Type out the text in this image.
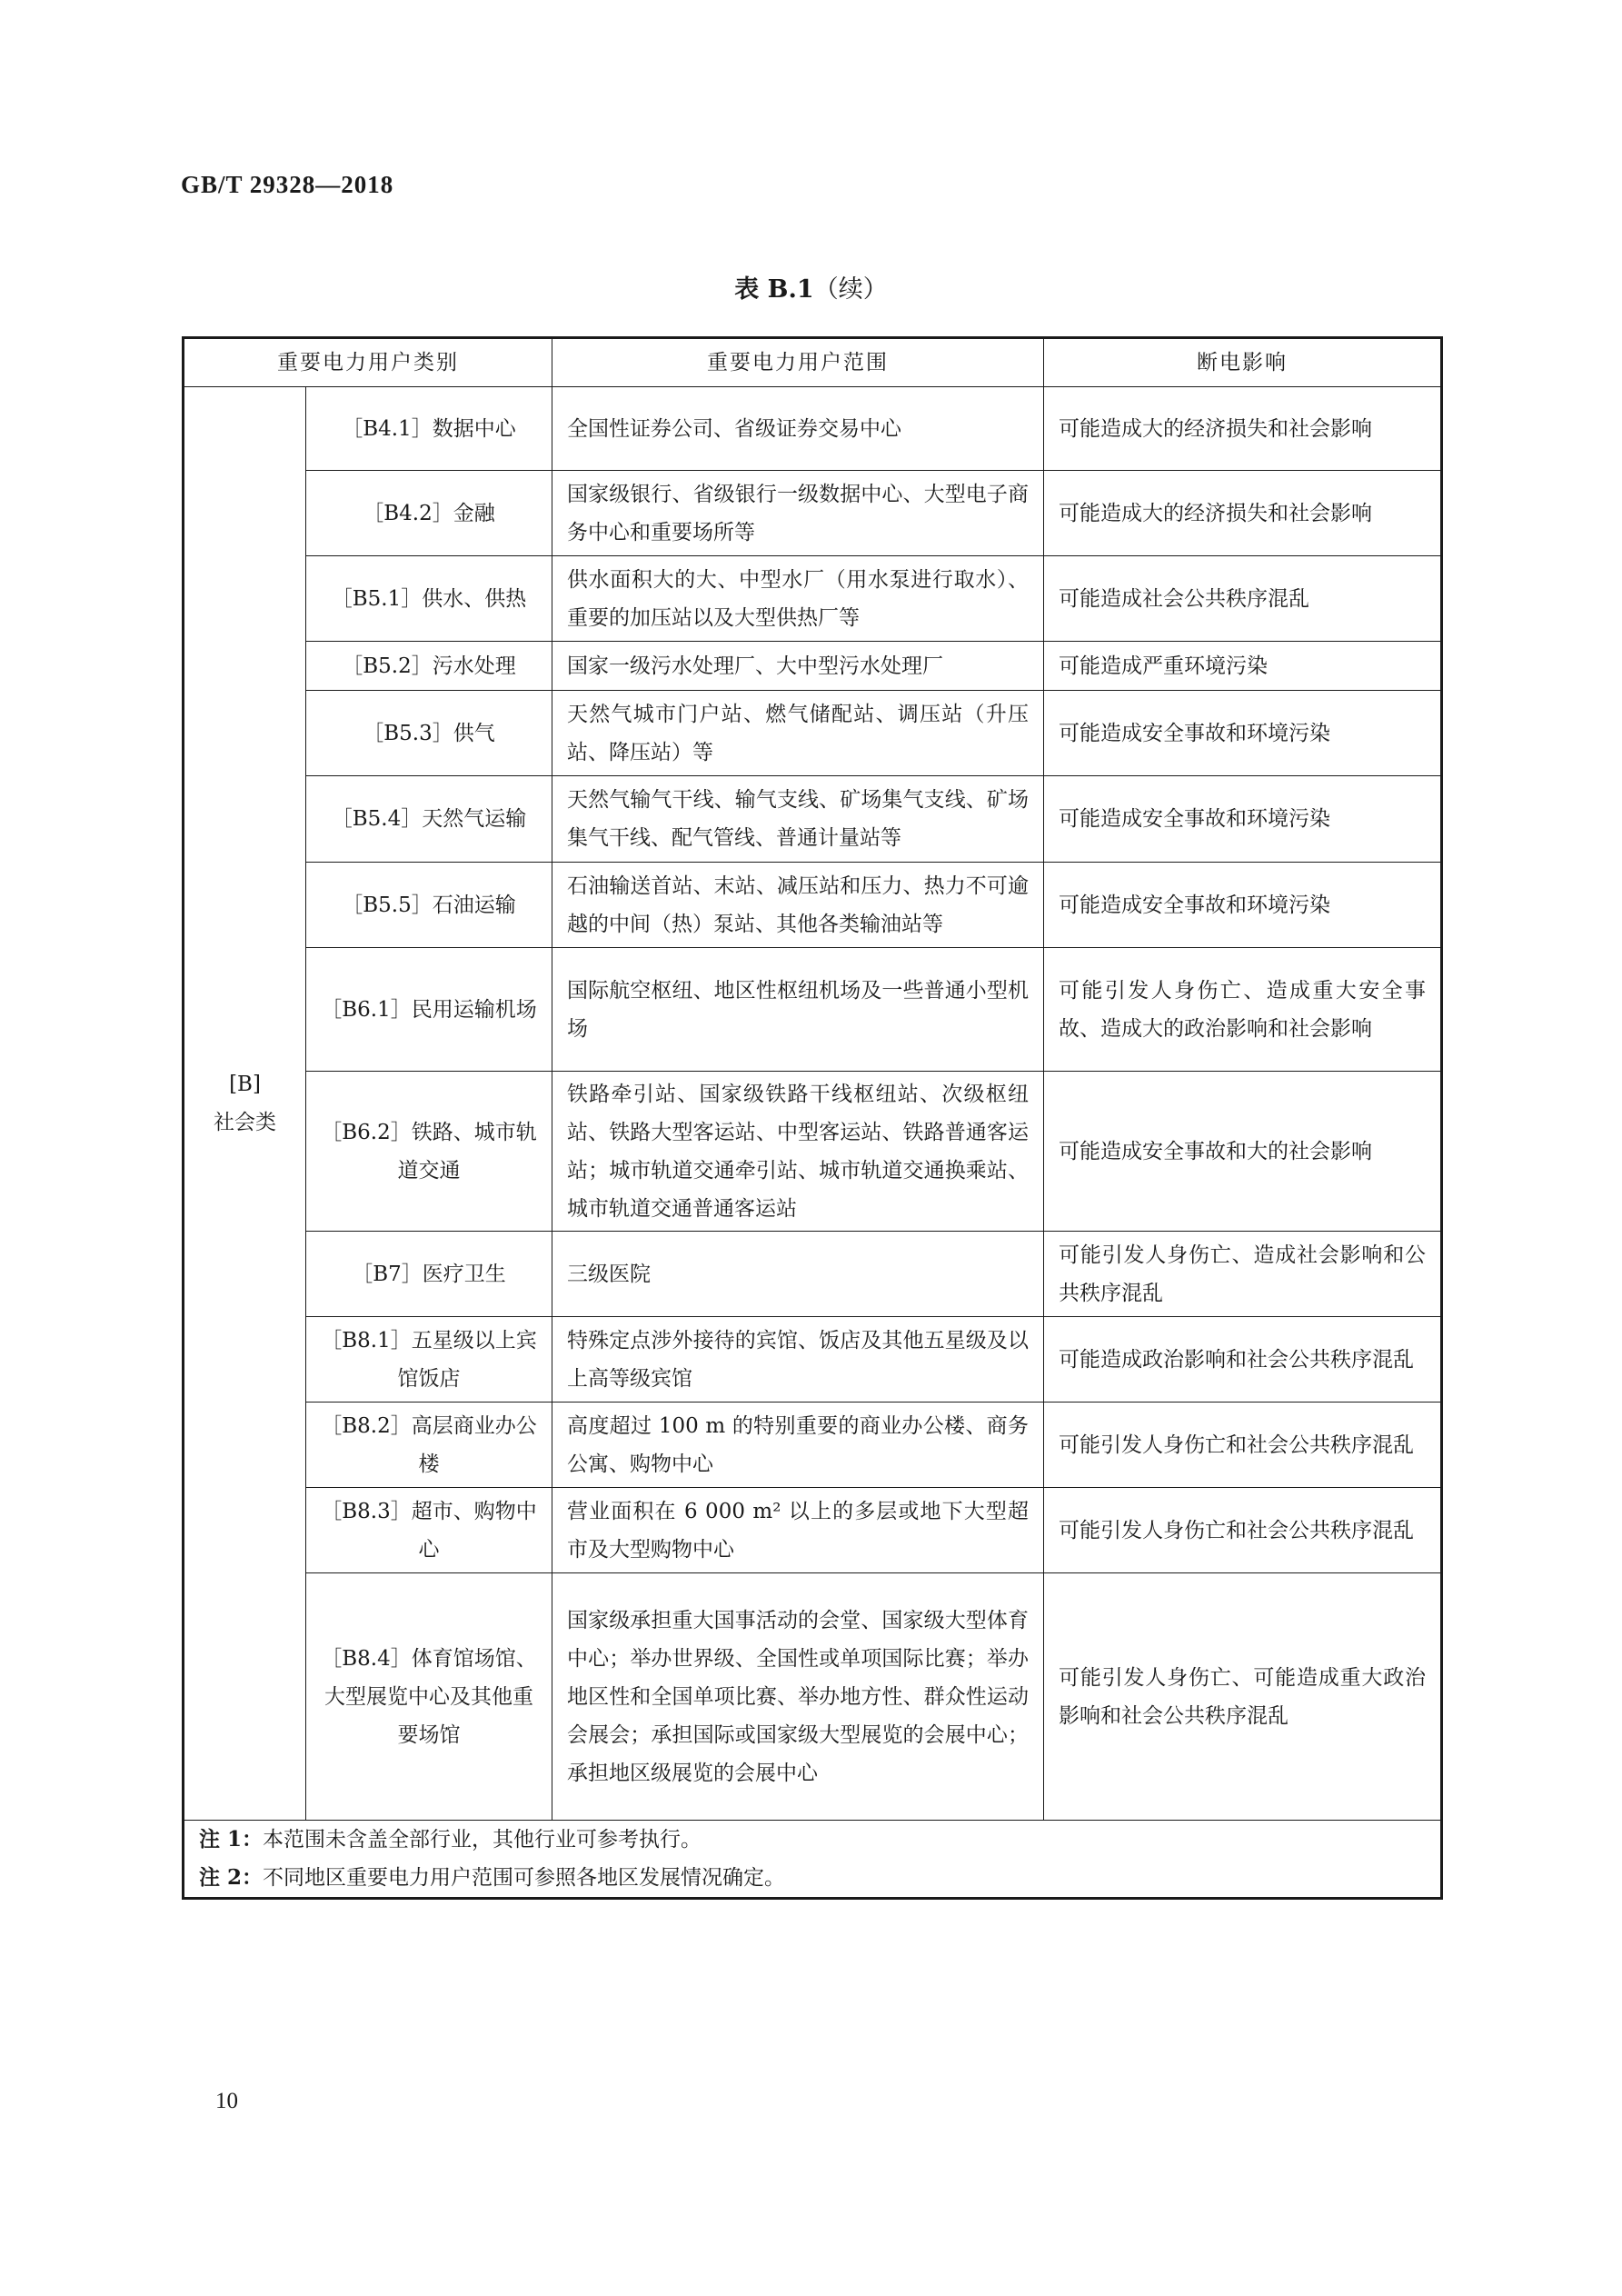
GB/T 29328—2018
表 B.1（续）
重要电力用户类别		重要电力用户范围	断电影响

[B]
社会类	［B4.1］数据中心	全国性证券公司、省级证券交易中心	可能造成大的经济损失和社会影响
	［B4.2］金融	国家级银行、省级银行一级数据中心、大型电子商务中心和重要场所等	可能造成大的经济损失和社会影响
	［B5.1］供水、供热	供水面积大的大、中型水厂（用水泵进行取水）、重要的加压站以及大型供热厂等	可能造成社会公共秩序混乱
	［B5.2］污水处理	国家一级污水处理厂、大中型污水处理厂	可能造成严重环境污染
	［B5.3］供气	天然气城市门户站、燃气储配站、调压站（升压站、降压站）等	可能造成安全事故和环境污染
	［B5.4］天然气运输	天然气输气干线、输气支线、矿场集气支线、矿场集气干线、配气管线、普通计量站等	可能造成安全事故和环境污染
	［B5.5］石油运输	石油输送首站、末站、减压站和压力、热力不可逾越的中间（热）泵站、其他各类输油站等	可能造成安全事故和环境污染
	［B6.1］民用运输机场	国际航空枢纽、地区性枢纽机场及一些普通小型机场	可能引发人身伤亡、造成重大安全事故、造成大的政治影响和社会影响
	［B6.2］铁路、城市轨道交通	铁路牵引站、国家级铁路干线枢纽站、次级枢纽站、铁路大型客运站、中型客运站、铁路普通客运站；城市轨道交通牵引站、城市轨道交通换乘站、城市轨道交通普通客运站	可能造成安全事故和大的社会影响
	［B7］医疗卫生	三级医院	可能引发人身伤亡、造成社会影响和公共秩序混乱
	［B8.1］五星级以上宾馆饭店	特殊定点涉外接待的宾馆、饭店及其他五星级及以上高等级宾馆	可能造成政治影响和社会公共秩序混乱
	［B8.2］高层商业办公楼	高度超过 100 m 的特别重要的商业办公楼、商务公寓、购物中心	可能引发人身伤亡和社会公共秩序混乱
	［B8.3］超市、购物中心	营业面积在 6 000 m² 以上的多层或地下大型超市及大型购物中心	可能引发人身伤亡和社会公共秩序混乱
	［B8.4］体育馆场馆、大型展览中心及其他重要场馆	国家级承担重大国事活动的会堂、国家级大型体育中心；举办世界级、全国性或单项国际比赛；举办地区性和全国单项比赛、举办地方性、群众性运动会展会；承担国际或国家级大型展览的会展中心；承担地区级展览的会展中心	可能引发人身伤亡、可能造成重大政治影响和社会公共秩序混乱

注 1：本范围未含盖全部行业，其他行业可参考执行。
注 2：不同地区重要电力用户范围可参照各地区发展情况确定。			
10
